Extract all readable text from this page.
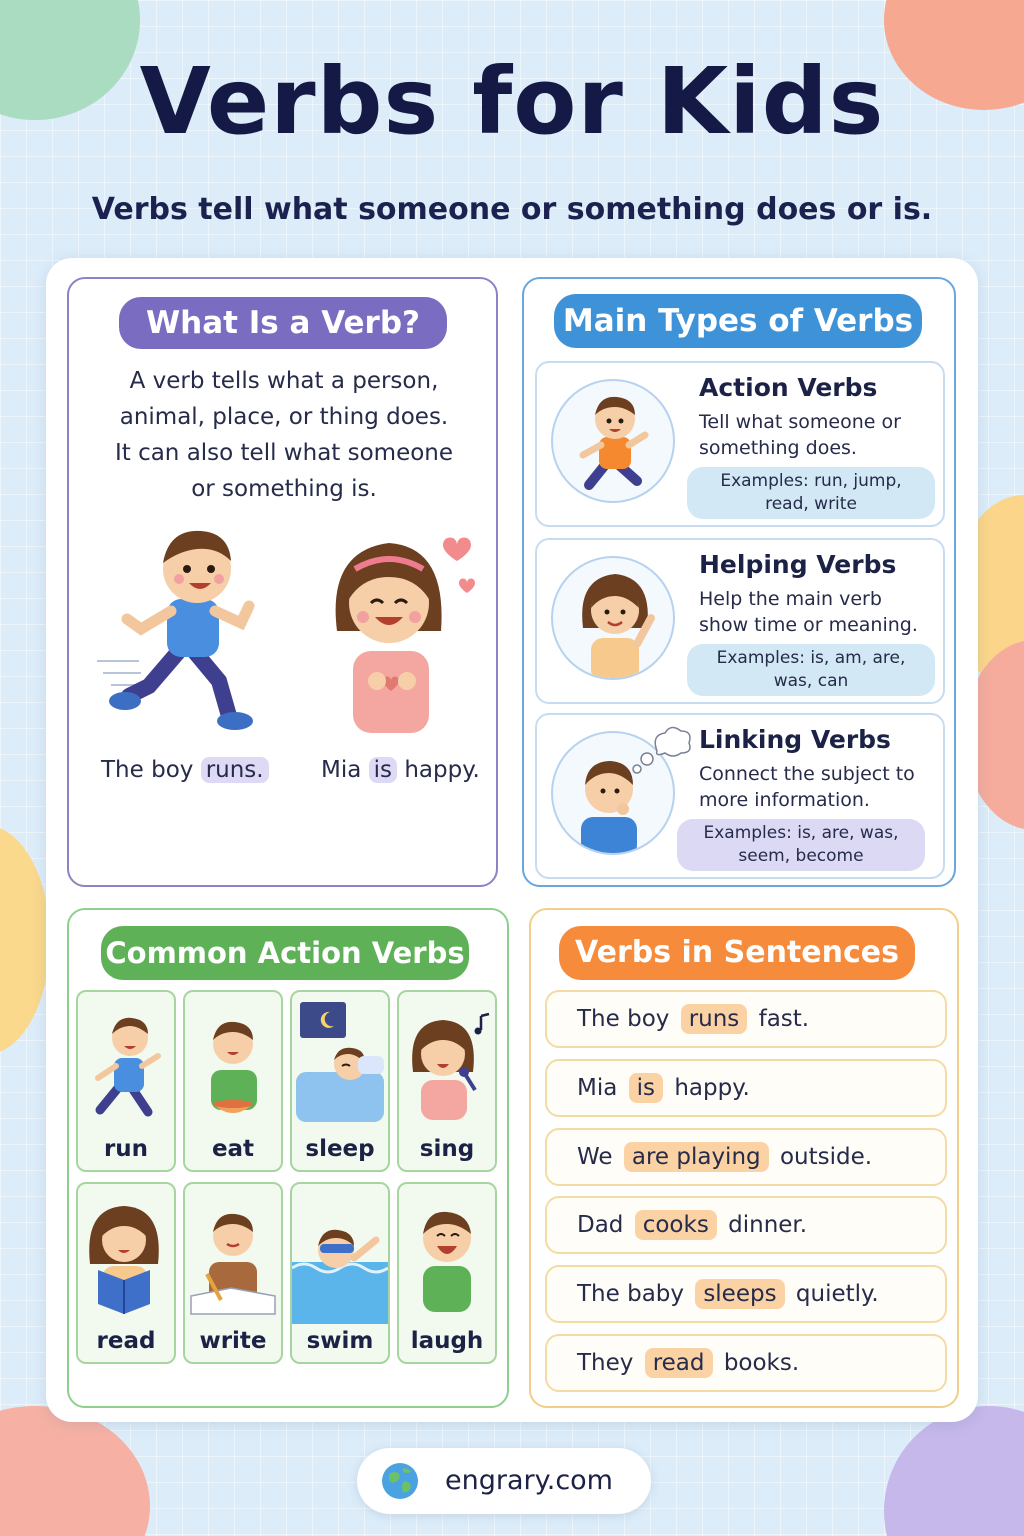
Verbs for Kids
Verbs tell what someone or something does or is.
What Is a Verb?
A verb tells what a person,
animal, place, or thing does.
It can also tell what someone
or something is.
The boy runs. Mia is happy.
Main Types of Verbs
Action Verbs
Tell what someone or something does.
Examples: run, jump,
read, write
Helping Verbs
Help the main verb show time or meaning.
Examples: is, am, are,
was, can
Linking Verbs
Connect the subject to more information.
Examples: is, are, was,
seem, become
Common Action Verbs
run	eat	sleep	sing
read	write	swim	laugh
Verbs in Sentences
The boy runs fast.
Mia is happy.
We are playing outside.
Dad cooks dinner.
The baby sleeps quietly.
They read books.
engrary.com
